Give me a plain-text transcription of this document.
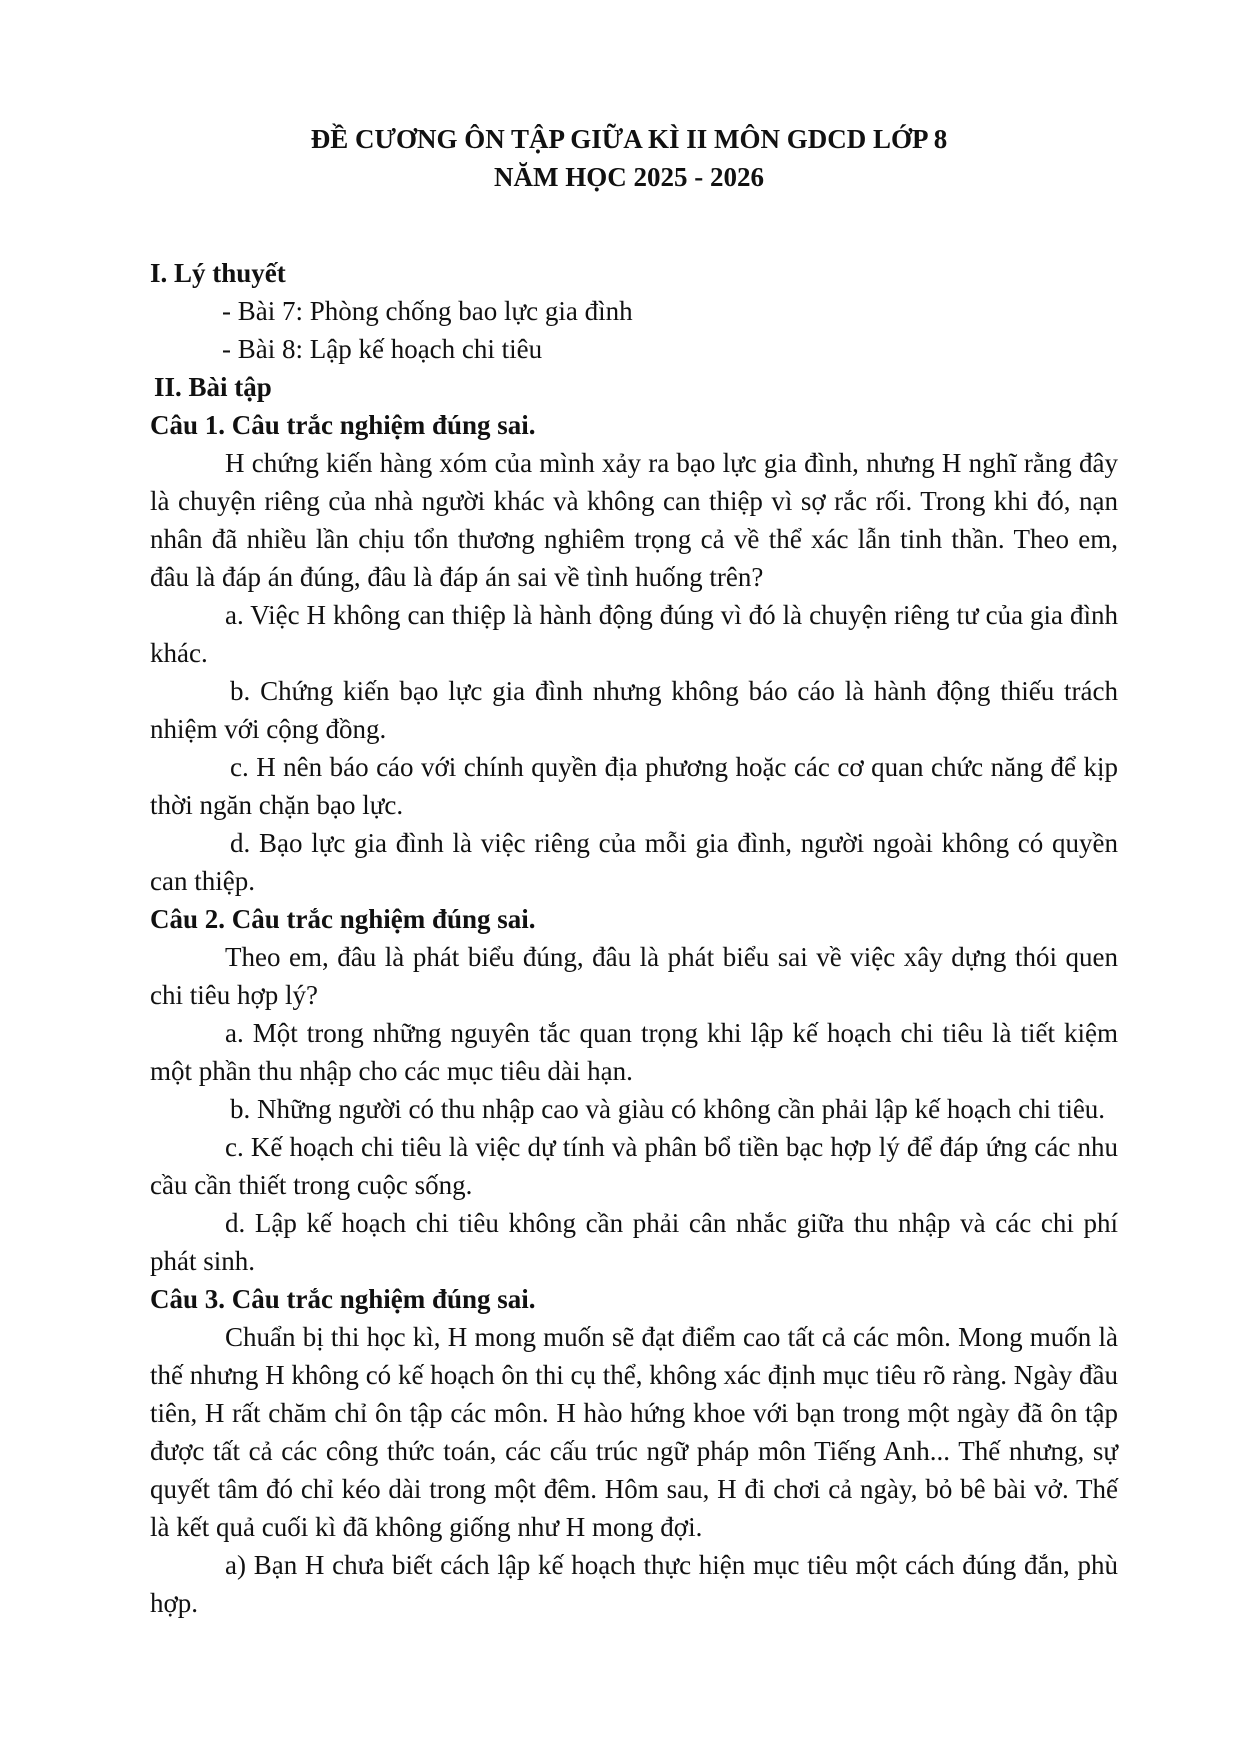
ĐỀ CƯƠNG ÔN TẬP GIỮA KÌ II MÔN GDCD LỚP 8
NĂM HỌC 2025 - 2026
I. Lý thuyết
- Bài 7: Phòng chống bao lực gia đình
- Bài 8: Lập kế hoạch chi tiêu
II. Bài tập
Câu 1. Câu trắc nghiệm đúng sai.
H chứng kiến hàng xóm của mình xảy ra bạo lực gia đình, nhưng H nghĩ rằng đây là chuyện riêng của nhà người khác và không can thiệp vì sợ rắc rối. Trong khi đó, nạn nhân đã nhiều lần chịu tổn thương nghiêm trọng cả về thể xác lẫn tinh thần. Theo em, đâu là đáp án đúng, đâu là đáp án sai về tình huống trên?
a. Việc H không can thiệp là hành động đúng vì đó là chuyện riêng tư của gia đình khác.
b. Chứng kiến bạo lực gia đình nhưng không báo cáo là hành động thiếu trách nhiệm với cộng đồng.
c. H nên báo cáo với chính quyền địa phương hoặc các cơ quan chức năng để kịp thời ngăn chặn bạo lực.
d. Bạo lực gia đình là việc riêng của mỗi gia đình, người ngoài không có quyền can thiệp.
Câu 2. Câu trắc nghiệm đúng sai.
Theo em, đâu là phát biểu đúng, đâu là phát biểu sai về việc xây dựng thói quen chi tiêu hợp lý?
a. Một trong những nguyên tắc quan trọng khi lập kế hoạch chi tiêu là tiết kiệm một phần thu nhập cho các mục tiêu dài hạn.
b. Những người có thu nhập cao và giàu có không cần phải lập kế hoạch chi tiêu.
c. Kế hoạch chi tiêu là việc dự tính và phân bổ tiền bạc hợp lý để đáp ứng các nhu cầu cần thiết trong cuộc sống.
d. Lập kế hoạch chi tiêu không cần phải cân nhắc giữa thu nhập và các chi phí phát sinh.
Câu 3. Câu trắc nghiệm đúng sai.
Chuẩn bị thi học kì, H mong muốn sẽ đạt điểm cao tất cả các môn. Mong muốn là thế nhưng H không có kế hoạch ôn thi cụ thể, không xác định mục tiêu rõ ràng. Ngày đầu tiên, H rất chăm chỉ ôn tập các môn. H hào hứng khoe với bạn trong một ngày đã ôn tập được tất cả các công thức toán, các cấu trúc ngữ pháp môn Tiếng Anh... Thế nhưng, sự quyết tâm đó chỉ kéo dài trong một đêm. Hôm sau, H đi chơi cả ngày, bỏ bê bài vở. Thế là kết quả cuối kì đã không giống như H mong đợi.
a) Bạn H chưa biết cách lập kế hoạch thực hiện mục tiêu một cách đúng đắn, phù hợp.
